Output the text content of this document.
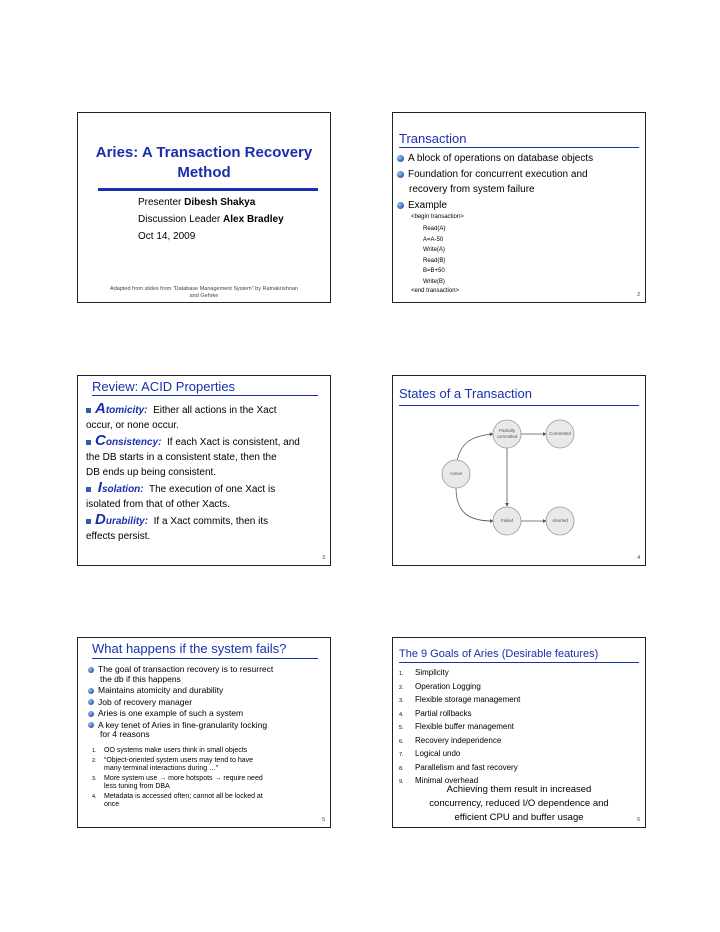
Aries: A Transaction Recovery Method
Presenter Dibesh Shakya
Discussion Leader Alex Bradley
Oct 14, 2009
Adapted from slides from "Database Management System" by Ramakrishnan
and Gehrke
Transaction
A block of operations on database objects
Foundation for concurrent execution and
recovery from system failure
Example
<begin transaction>
Read(A)
A=A-50
Write(A)
Read(B)
B=B+50
Write(B)
<end transaction>
2
Review: ACID Properties
Atomicity: Either all actions in the Xact
occur, or none occur.
Consistency: If each Xact is consistent, and
the DB starts in a consistent state, then the
DB ends up being consistent.
Isolation: The execution of one Xact is
isolated from that of other Xacts.
Durability: If a Xact commits, then its
effects persist.
3
States of a Transaction
Partially committed	Committed
Active
Failed	Aborted
4
What happens if the system fails?
The goal of transaction recovery is to resurrect
the db if this happens
Maintains atomicity and durability
Job of recovery manager
Aries is one example of such a system
A key tenet of Aries in fine-granularity locking
for 4 reasons
1. OO systems make users think in small objects
2. “Object-oriented system users may tend to have
many terminal interactions during …”
3. More system use → more hotspots → require need
less tuning from DBA
4. Metadata is accessed often; cannot all be locked at
once
5
The 9 Goals of Aries (Desirable features)
1. Simplicity
2. Operation Logging
3. Flexible storage management
4. Partial rollbacks
5. Flexible buffer management
6. Recovery independence
7. Logical undo
8. Parallelism and fast recovery
9. Minimal overhead
Achieving them result in increased
concurrency, reduced I/O dependence and
efficient CPU and buffer usage	6
